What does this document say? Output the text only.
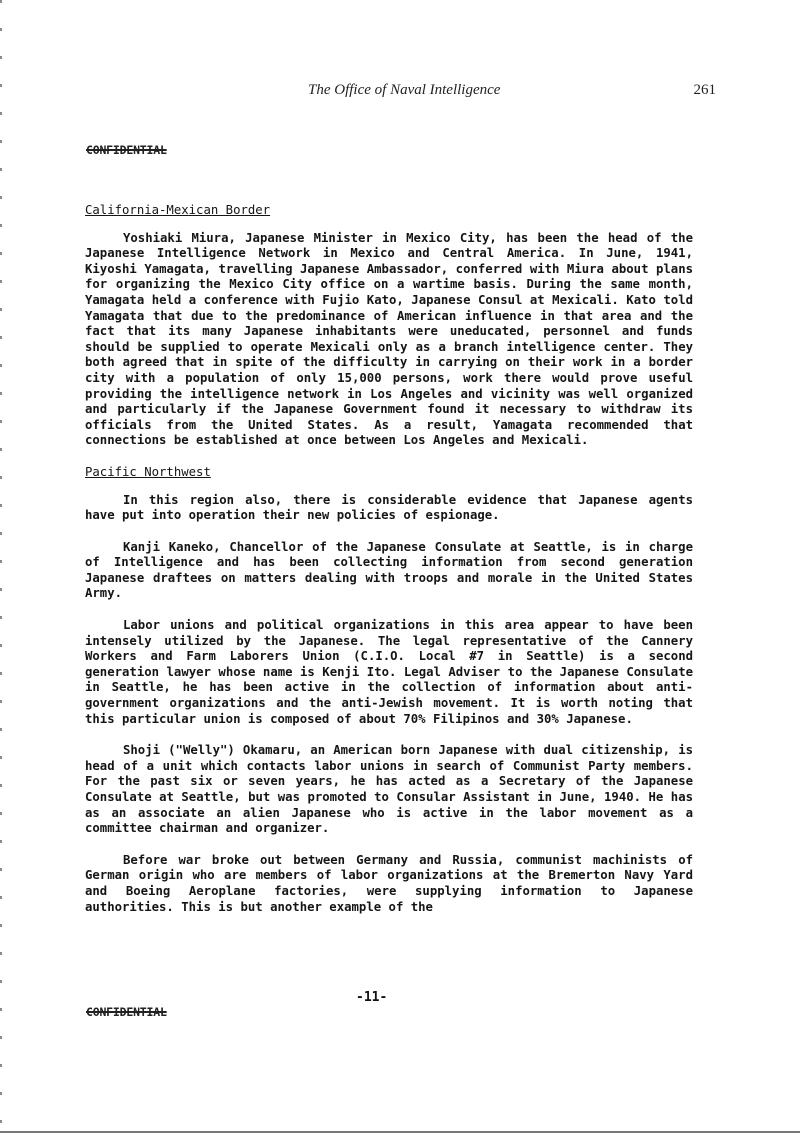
The Office of Naval Intelligence	261
CONFIDENTIAL
California-Mexican Border

Yoshiaki Miura, Japanese Minister in Mexico City, has been the head of the Japanese Intelligence Network in Mexico and Central America. In June, 1941, Kiyoshi Yamagata, travelling Japanese Ambassador, conferred with Miura about plans for organizing the Mexico City office on a wartime basis. During the same month, Yamagata held a conference with Fujio Kato, Japanese Consul at Mexicali. Kato told Yamagata that due to the predominance of American influence in that area and the fact that its many Japanese inhabitants were uneducated, personnel and funds should be supplied to operate Mexicali only as a branch intelligence center. They both agreed that in spite of the difficulty in carrying on their work in a border city with a population of only 15,000 persons, work there would prove useful providing the intelligence network in Los Angeles and vicinity was well organized and particularly if the Japanese Government found it necessary to withdraw its officials from the United States. As a result, Yamagata recommended that connections be established at once between Los Angeles and Mexicali.

Pacific Northwest

In this region also, there is considerable evidence that Japanese agents have put into operation their new policies of espionage.

Kanji Kaneko, Chancellor of the Japanese Consulate at Seattle, is in charge of Intelligence and has been collecting information from second generation Japanese draftees on matters dealing with troops and morale in the United States Army.

Labor unions and political organizations in this area appear to have been intensely utilized by the Japanese. The legal representative of the Cannery Workers and Farm Laborers Union (C.I.O. Local #7 in Seattle) is a second generation lawyer whose name is Kenji Ito. Legal Adviser to the Japanese Consulate in Seattle, he has been active in the collection of information about anti-government organizations and the anti-Jewish movement. It is worth noting that this particular union is composed of about 70% Filipinos and 30% Japanese.

Shoji ("Welly") Okamaru, an American born Japanese with dual citizenship, is head of a unit which contacts labor unions in search of Communist Party members. For the past six or seven years, he has acted as a Secretary of the Japanese Consulate at Seattle, but was promoted to Consular Assistant in June, 1940. He has as an associate an alien Japanese who is active in the labor movement as a committee chairman and organizer.

Before war broke out between Germany and Russia, communist machinists of German origin who are members of labor organizations at the Bremerton Navy Yard and Boeing Aeroplane factories, were supplying information to Japanese authorities. This is but another example of the

-11-
CONFIDENTIAL
